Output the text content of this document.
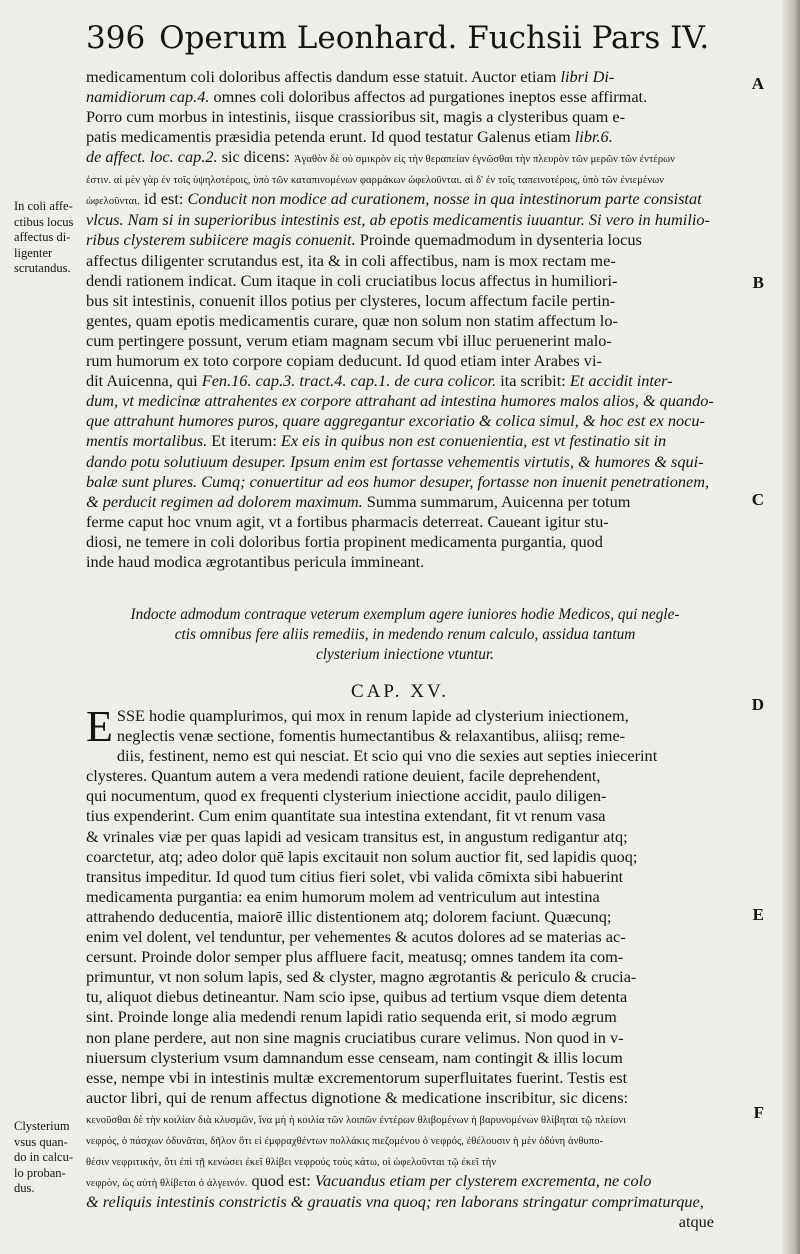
396 Operum Leonhard. Fuchsii Pars IV.
A
B
C
D
E
F
In coli affe-
ctibus locus
affectus di-
ligenter
scrutandus.
Clysterium
vsus quan-
do in calcu-
lo proban-
dus.
medicamentum coli doloribus affectis dandum esse statuit. Auctor etiam libri Di-
namidiorum cap.4. omnes coli doloribus affectos ad purgationes ineptos esse affirmat.
Porro cum morbus in intestinis, iisque crassioribus sit, magis a clysteribus quam e-
patis medicamentis præsidia petenda erunt. Id quod testatur Galenus etiam libr.6.
de affect. loc. cap.2. sic dicens: Ἀγαθὸν δὲ οὐ σμικρὸν εἰς τὴν θεραπείαν ἐγνῶσθαι τὴν πλευρὸν τῶν μερῶν τῶν ἐντέρων
ἐστιν. αἱ μὲν γὰρ ἐν τοῖς ὑψηλοτέροις, ὑπὸ τῶν καταπινομένων φαρμάκων ὠφελοῦνται. αἱ δ' ἐν τοῖς ταπεινοτέροις, ὑπὸ τῶν ἐνιεμένων
ὠφελοῦνται. id est: Conducit non modice ad curationem, nosse in qua intestinorum parte consistat
vlcus. Nam si in superioribus intestinis est, ab epotis medicamentis iuuantur. Si vero in humilio-
ribus clysterem subiicere magis conuenit. Proinde quemadmodum in dysenteria locus
affectus diligenter scrutandus est, ita & in coli affectibus, nam is mox rectam me-
dendi rationem indicat. Cum itaque in coli cruciatibus locus affectus in humiliori-
bus sit intestinis, conuenit illos potius per clysteres, locum affectum facile pertin-
gentes, quam epotis medicamentis curare, quæ non solum non statim affectum lo-
cum pertingere possunt, verum etiam magnam secum vbi illuc peruenerint malo-
rum humorum ex toto corpore copiam deducunt. Id quod etiam inter Arabes vi-
dit Auicenna, qui Fen.16. cap.3. tract.4. cap.1. de cura colicor. ita scribit: Et accidit inter-
dum, vt medicinæ attrahentes ex corpore attrahant ad intestina humores malos alios, & quando-
que attrahunt humores puros, quare aggregantur excoriatio & colica simul, & hoc est ex nocu-
mentis mortalibus. Et iterum: Ex eis in quibus non est conuenientia, est vt festinatio sit in
dando potu solutiuum desuper. Ipsum enim est fortasse vehementis virtutis, & humores & squi-
balæ sunt plures. Cumq; conuertitur ad eos humor desuper, fortasse non inuenit penetrationem,
& perducit regimen ad dolorem maximum. Summa summarum, Auicenna per totum
ferme caput hoc vnum agit, vt a fortibus pharmacis deterreat. Caueant igitur stu-
diosi, ne temere in coli doloribus fortia propinent medicamenta purgantia, quod
inde haud modica ægrotantibus pericula immineant.
Indocte admodum contraque veterum exemplum agere iuniores hodie Medicos, qui negle-
ctis omnibus fere aliis remediis, in medendo renum calculo, assidua tantum
clysterium iniectione vtuntur.
CAP. XV.
E SSE hodie quamplurimos, qui mox in renum lapide ad clysterium iniectionem,
neglectis venæ sectione, fomentis humectantibus & relaxantibus, aliisq; reme-
diis, festinent, nemo est qui nesciat. Et scio qui vno die sexies aut septies iniecerint
clysteres. Quantum autem a vera medendi ratione deuient, facile deprehendent,
qui nocumentum, quod ex frequenti clysterium iniectione accidit, paulo diligen-
tius expenderint. Cum enim quantitate sua intestina extendant, fit vt renum vasa
& vrinales viæ per quas lapidi ad vesicam transitus est, in angustum redigantur atq;
coarctetur, atq; adeo dolor quē lapis excitauit non solum auctior fit, sed lapidis quoq;
transitus impeditur. Id quod tum citius fieri solet, vbi valida cōmixta sibi habuerint
medicamenta purgantia: ea enim humorum molem ad ventriculum aut intestina
attrahendo deducentia, maiorē illic distentionem atq; dolorem faciunt. Quæcunq;
enim vel dolent, vel tenduntur, per vehementes & acutos dolores ad se materias ac-
cersunt. Proinde dolor semper plus affluere facit, meatusq; omnes tandem ita com-
primuntur, vt non solum lapis, sed & clyster, magno ægrotantis & periculo & crucia-
tu, aliquot diebus detineantur. Nam scio ipse, quibus ad tertium vsque diem detenta
sint. Proinde longe alia medendi renum lapidi ratio sequenda erit, si modo ægrum
non plane perdere, aut non sine magnis cruciatibus curare velimus. Non quod in v-
niuersum clysterium vsum damnandum esse censeam, nam contingit & illis locum
esse, nempe vbi in intestinis multæ excrementorum superfluitates fuerint. Testis est
auctor libri, qui de renum affectus dignotione & medicatione inscribitur, sic dicens:
κενοῦσθαι δὲ τὴν κοιλίαν διὰ κλυσμῶν, ἵνα μὴ ἡ κοιλία τῶν λοιπῶν ἐντέρων θλιβομένων ἡ βαρυνομένων θλίβηται τῷ πλείονι
νεφρός, ὁ πάσχων ὀδυνᾶται, δῆλον ὅτι εἰ ἐμφραχθέντων πολλάκις πιεζομένου ὁ νεφρός, ἐθέλουσιν ἡ μὲν ὀδύνη ἀνθυπο-
θέσιν νεφριτικὴν, ὅτι ἐπὶ τῇ κενώσει ἐκεῖ θλίβει νεφρούς τοὺς κάτω, οἱ ὠφελοῦνται τῷ ἐκεῖ τὴν
νεφρὸν, ὡς αὐτὴ θλίβεται ὁ ἀλγεινόν. quod est: Vacuandus etiam per clysterem excrementa, ne colo
& reliquis intestinis constrictis & grauatis vna quoq; ren laborans stringatur comprimaturque,
atque
